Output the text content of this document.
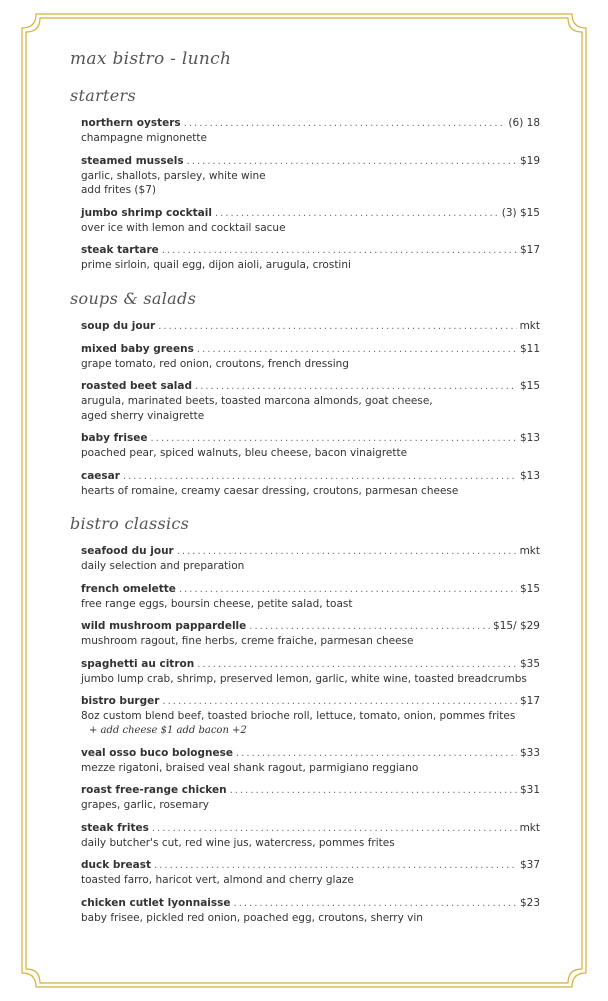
max bistro - lunch
starters
northern oysters .....	(6) 18
champagne mignonette
steamed mussels .....	$19
garlic, shallots, parsley, white wine
add frites ($7)
jumbo shrimp cocktail .....	(3) $15
over ice with lemon and cocktail sacue
steak tartare .....	$17
prime sirloin, quail egg, dijon aioli, arugula, crostini
soups & salads
soup du jour .....	mkt
mixed baby greens .....	$11
grape tomato, red onion, croutons, french dressing
roasted beet salad .....	$15
arugula, marinated beets, toasted marcona almonds, goat cheese,
aged sherry vinaigrette
baby frisee .....	$13
poached pear, spiced walnuts, bleu cheese, bacon vinaigrette
caesar .....	$13
hearts of romaine, creamy caesar dressing, croutons, parmesan cheese
bistro classics
seafood du jour .....	mkt
daily selection and preparation
french omelette .....	$15
free range eggs, boursin cheese, petite salad, toast
wild mushroom pappardelle .....	$15/ $29
mushroom ragout, fine herbs, creme fraiche, parmesan cheese
spaghetti au citron .....	$35
jumbo lump crab, shrimp, preserved lemon, garlic, white wine, toasted breadcrumbs
bistro burger .....	$17
8oz custom blend beef, toasted brioche roll, lettuce, tomato, onion, pommes frites
+ add cheese $1 add bacon +2
veal osso buco bolognese .....	$33
mezze rigatoni, braised veal shank ragout, parmigiano reggiano
roast free-range chicken .....	$31
grapes, garlic, rosemary
steak frites .....	mkt
daily butcher's cut, red wine jus, watercress, pommes frites
duck breast .....	$37
toasted farro, haricot vert, almond and cherry glaze
chicken cutlet lyonnaisse .....	$23
baby frisee, pickled red onion, poached egg, croutons, sherry vin
